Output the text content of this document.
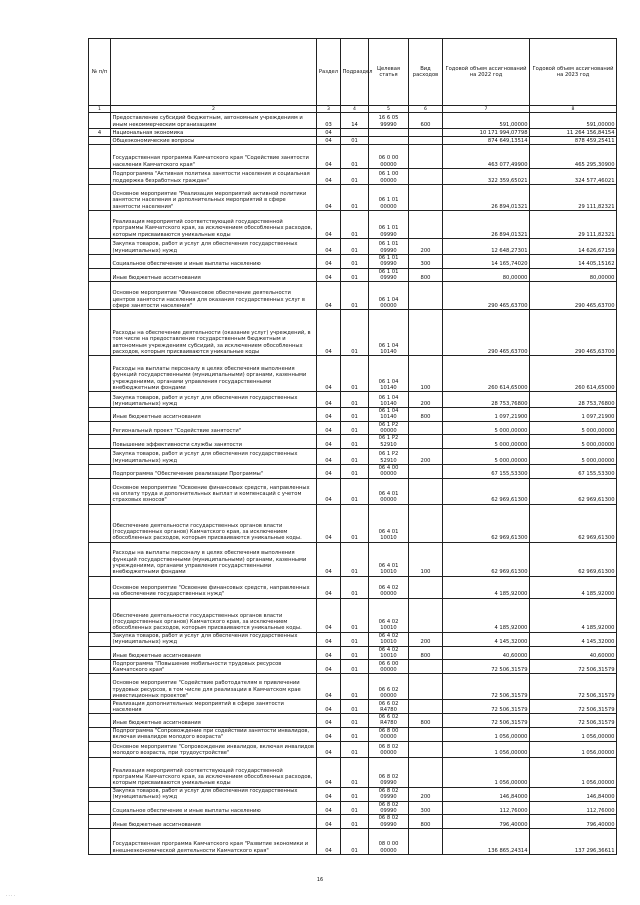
№ п/п		Раздел	Подраздел	Целевая статья	Вид расходов	Годовой объем ассигнований на 2022 год	Годовой объем ассигнований на 2023 год
1	2	3	4	5	6	7	8
	Предоставление субсидий бюджетным, автономным учреждениям и иным некоммерческим организациям	03	14	16 6 05 99990	600	591,00000	591,00000
4	Национальная экономика	04				10 171 994,07798	11 264 156,84154
	Общеэкономические вопросы	04	01			874 649,13514	878 459,25411
	Государственная программа Камчатского края "Содействие занятости населения Камчатского края"	04	01	06 0 00 00000		463 077,49900	465 295,30900
	Подпрограмма "Активная политика занятости населения и социальная поддержка безработных граждан"	04	01	06 1 00 00000		322 359,65021	324 577,46021
	Основное мероприятие "Реализация мероприятий активной политики занятости населения и дополнительных мероприятий в сфере занятости населения"	04	01	06 1 01 00000		26 894,01321	29 111,82321
	Реализация мероприятий соответствующей государственной программы Камчатского края, за исключением обособленных расходов, которым присваиваются уникальные коды	04	01	06 1 01 09990		26 894,01321	29 111,82321
	Закупка товаров, работ и услуг для обеспечения государственных (муниципальных) нужд	04	01	06 1 01 09990	200	12 648,27301	14 626,67159
	Социальное обеспечение и иные выплаты населению	04	01	06 1 01 09990	300	14 165,74020	14 405,15162
	Иные бюджетные ассигнования	04	01	06 1 01 09990	800	80,00000	80,00000
	Основное мероприятие "Финансовое обеспечение деятельности центров занятости населения для оказания государственных услуг в сфере занятости населения"	04	01	06 1 04 00000		290 465,63700	290 465,63700
	Расходы на обеспечение деятельности (оказание услуг) учреждений, в том числе на предоставление государственным бюджетным и автономным учреждениям субсидий, за исключением обособленных расходов, которым присваиваются уникальные коды	04	01	06 1 04 10140		290 465,63700	290 465,63700
	Расходы на выплаты персоналу в целях обеспечения выполнения функций государственными (муниципальными) органами, казенными учреждениями, органами управления государственными внебюджетными фондами	04	01	06 1 04 10140	100	260 614,65000	260 614,65000
	Закупка товаров, работ и услуг для обеспечения государственных (муниципальных) нужд	04	01	06 1 04 10140	200	28 753,76800	28 753,76800
	Иные бюджетные ассигнования	04	01	06 1 04 10140	800	1 097,21900	1 097,21900
	Региональный проект "Содействие занятости"	04	01	06 1 P2 00000		5 000,00000	5 000,00000
	Повышение эффективности службы занятости	04	01	06 1 P2 52910		5 000,00000	5 000,00000
	Закупка товаров, работ и услуг для обеспечения государственных (муниципальных) нужд	04	01	06 1 P2 52910	200	5 000,00000	5 000,00000
	Подпрограмма "Обеспечение реализации Программы"	04	01	06 4 00 00000		67 155,53300	67 155,53300
	Основное мероприятие "Освоение финансовых средств, направленных на оплату труда и дополнительных выплат и компенсаций с учетом страховых взносов"	04	01	06 4 01 00000		62 969,61300	62 969,61300
	Обеспечение деятельности государственных органов власти (государственных органов) Камчатского края, за исключением обособленных расходов, которым присваиваются уникальные коды.	04	01	06 4 01 10010		62 969,61300	62 969,61300
	Расходы на выплаты персоналу в целях обеспечения выполнения функций государственными (муниципальными) органами, казенными учреждениями, органами управления государственными внебюджетными фондами	04	01	06 4 01 10010	100	62 969,61300	62 969,61300
	Основное мероприятие "Освоение финансовых средств, направленных на обеспечение государственных нужд"	04	01	06 4 02 00000		4 185,92000	4 185,92000
	Обеспечение деятельности государственных органов власти (государственных органов) Камчатского края, за исключением обособленных расходов, которым присваиваются уникальные коды.	04	01	06 4 02 10010		4 185,92000	4 185,92000
	Закупка товаров, работ и услуг для обеспечения государственных (муниципальных) нужд	04	01	06 4 02 10010	200	4 145,32000	4 145,32000
	Иные бюджетные ассигнования	04	01	06 4 02 10010	800	40,60000	40,60000
	Подпрограмма "Повышение мобильности трудовых ресурсов Камчатского края"	04	01	06 6 00 00000		72 506,31579	72 506,31579
	Основное мероприятие "Содействие работодателям в привлечении трудовых ресурсов, в том числе для реализации в Камчатском крае инвестиционных проектов"	04	01	06 6 02 00000		72 506,31579	72 506,31579
	Реализация дополнительных мероприятий в сфере занятости населения	04	01	06 6 02 R4780		72 506,31579	72 506,31579
	Иные бюджетные ассигнования	04	01	06 6 02 R4780	800	72 506,31579	72 506,31579
	Подпрограмма "Сопровождение при содействии занятости инвалидов, включая инвалидов молодого возраста"	04	01	06 8 00 00000		1 056,00000	1 056,00000
	Основное мероприятие "Сопровождение инвалидов, включая инвалидов молодого возраста, при трудоустройстве"	04	01	06 8 02 00000		1 056,00000	1 056,00000
	Реализация мероприятий соответствующей государственной программы Камчатского края, за исключением обособленных расходов, которым присваиваются уникальные коды	04	01	06 8 02 09990		1 056,00000	1 056,00000
	Закупка товаров, работ и услуг для обеспечения государственных (муниципальных) нужд	04	01	06 8 02 09990	200	146,84000	146,84000
	Социальное обеспечение и иные выплаты населению	04	01	06 8 02 09990	300	112,76000	112,76000
	Иные бюджетные ассигнования	04	01	06 8 02 09990	800	796,40000	796,40000
	Государственная программа Камчатского края "Развитие экономики и внешнеэкономической деятельности Камчатского края"	04	01	08 0 00 00000		136 865,24314	137 296,36611
16
· · · ·
